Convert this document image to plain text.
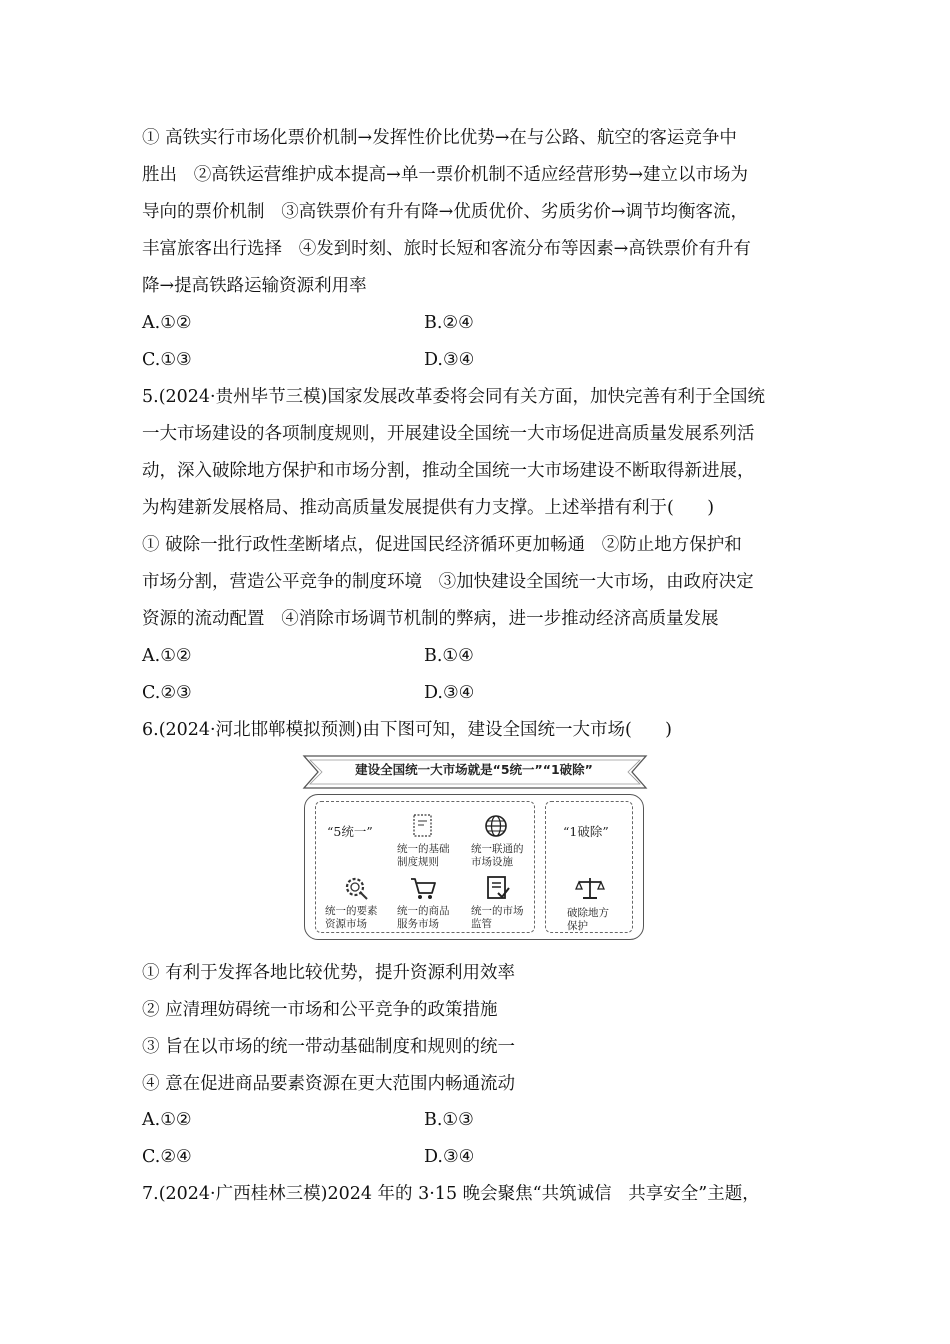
① 高铁实行市场化票价机制→发挥性价比优势→在与公路、航空的客运竞争中
胜出   ②高铁运营维护成本提高→单一票价机制不适应经营形势→建立以市场为
导向的票价机制   ③高铁票价有升有降→优质优价、劣质劣价→调节均衡客流，
丰富旅客出行选择   ④发到时刻、旅时长短和客流分布等因素→高铁票价有升有
降→提高铁路运输资源利用率
A.①②	B.②④
C.①③	D.③④
5.(2024·贵州毕节三模)国家发展改革委将会同有关方面，加快完善有利于全国统
一大市场建设的各项制度规则，开展建设全国统一大市场促进高质量发展系列活
动，深入破除地方保护和市场分割，推动全国统一大市场建设不断取得新进展，
为构建新发展格局、推动高质量发展提供有力支撑。上述举措有利于(      )
① 破除一批行政性垄断堵点，促进国民经济循环更加畅通   ②防止地方保护和
市场分割，营造公平竞争的制度环境   ③加快建设全国统一大市场，由政府决定
资源的流动配置   ④消除市场调节机制的弊病，进一步推动经济高质量发展
A.①②	B.①④
C.②③	D.③④
6.(2024·河北邯郸模拟预测)由下图可知，建设全国统一大市场(      )
建设全国统一大市场就是“5统一”“1破除”
“5统一”	“1破除”
统一的基础
制度规则
统一联通的
市场设施
统一的要素
资源市场
统一的商品
服务市场
统一的市场
监管
破除地方
保护
① 有利于发挥各地比较优势，提升资源利用效率
② 应清理妨碍统一市场和公平竞争的政策措施
③ 旨在以市场的统一带动基础制度和规则的统一
④ 意在促进商品要素资源在更大范围内畅通流动
A.①②	B.①③
C.②④	D.③④
7.(2024·广西桂林三模)2024 年的 3·15 晚会聚焦“共筑诚信   共享安全”主题，
